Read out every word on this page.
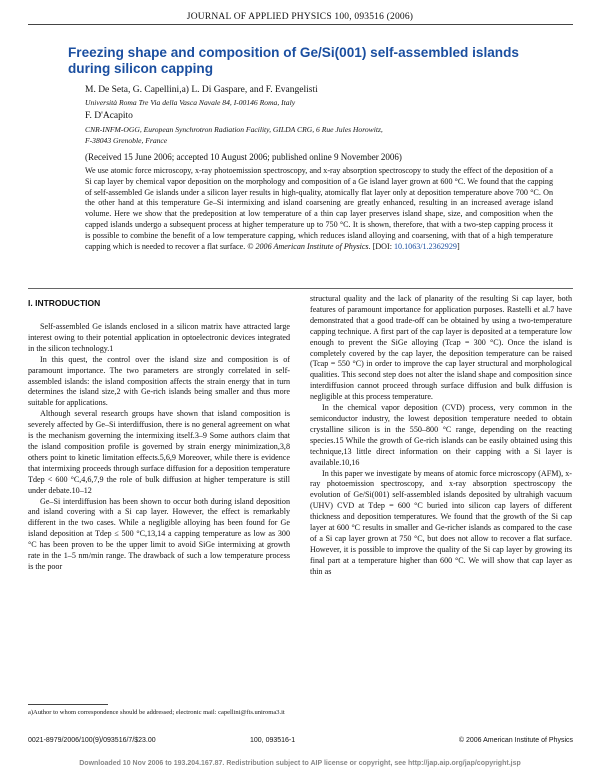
JOURNAL OF APPLIED PHYSICS 100, 093516 (2006)
Freezing shape and composition of Ge/Si(001) self-assembled islands during silicon capping
M. De Seta, G. Capellini,a) L. Di Gaspare, and F. Evangelisti
Università Roma Tre Via della Vasca Navale 84, I-00146 Roma, Italy
F. D'Acapito
CNR-INFM-OGG, European Synchrotron Radiation Facility, GILDA CRG, 6 Rue Jules Horowitz,
F-38043 Grenoble, France
(Received 15 June 2006; accepted 10 August 2006; published online 9 November 2006)
We use atomic force microscopy, x-ray photoemission spectroscopy, and x-ray absorption spectroscopy to study the effect of the deposition of a Si cap layer by chemical vapor deposition on the morphology and composition of a Ge island layer grown at 600 °C. We found that the capping of self-assembled Ge islands under a silicon layer results in high-quality, atomically flat layer only at deposition temperature above 700 °C. On the other hand at this temperature Ge–Si intermixing and island coarsening are greatly enhanced, resulting in an increased average island volume. Here we show that the predeposition at low temperature of a thin cap layer preserves island shape, size, and composition when the capped islands undergo a subsequent process at higher temperature up to 750 °C. It is shown, therefore, that with a two-step capping process it is possible to combine the benefit of a low temperature capping, which reduces island alloying and coarsening, with that of a high temperature capping which is needed to recover a flat surface. © 2006 American Institute of Physics. [DOI: 10.1063/1.2362929]
I. INTRODUCTION

Self-assembled Ge islands enclosed in a silicon matrix have attracted large interest owing to their potential application in optoelectronic devices integrated in the silicon technology.1

In this quest, the control over the island size and composition is of paramount importance. The two parameters are strongly correlated in self-assembled islands: the island composition affects the strain energy that in turn determines the island size,2 with Ge-rich islands being smaller and thus more suitable for applications.

Although several research groups have shown that island composition is severely affected by Ge–Si interdiffusion, there is no general agreement on what is the mechanism governing the intermixing itself.3–9 Some authors claim that the island composition profile is governed by strain energy minimization,3,8 others point to kinetic limitation effects.5,6,9 Moreover, while there is evidence that intermixing proceeds through surface diffusion for a deposition temperature Tdep < 600 °C,4,6,7,9 the role of bulk diffusion at higher temperature is still under debate.10–12

Ge–Si interdiffusion has been shown to occur both during island deposition and island covering with a Si cap layer. However, the effect is remarkably different in the two cases. While a negligible alloying has been found for Ge island deposition at Tdep ≤ 500 °C,13,14 a capping temperature as low as 300 °C has been proven to be the upper limit to avoid SiGe intermixing at growth rate in the 1–5 nm/min range. The drawback of such a low temperature process is the poor

structural quality and the lack of planarity of the resulting Si cap layer, both features of paramount importance for application purposes. Rastelli et al.7 have demonstrated that a good trade-off can be obtained by using a two-temperature capping technique. A first part of the cap layer is deposited at a temperature low enough to prevent the SiGe alloying (Tcap = 300 °C). Once the island is completely covered by the cap layer, the deposition temperature can be raised (Tcap = 550 °C) in order to improve the cap layer structural and morphological qualities. This second step does not alter the island shape and composition since interdiffusion cannot proceed through surface diffusion and bulk diffusion is negligible at this process temperature.

In the chemical vapor deposition (CVD) process, very common in the semiconductor industry, the lowest deposition temperature needed to obtain crystalline silicon is in the 550–800 °C range, depending on the reacting species.15 While the growth of Ge-rich islands can be easily obtained using this technique,13 little direct information on their capping with a Si layer is available.10,16

In this paper we investigate by means of atomic force microscopy (AFM), x-ray photoemission spectroscopy, and x-ray absorption spectroscopy the evolution of Ge/Si(001) self-assembled islands deposited by ultrahigh vacuum (UHV) CVD at Tdep = 600 °C buried into silicon cap layers of different thickness and deposition temperatures. We found that the growth of the Si cap layer at 600 °C results in smaller and Ge-richer islands as compared to the case of a Si cap layer grown at 750 °C, but does not allow to recover a flat surface. However, it is possible to improve the quality of the Si cap layer by growing its final part at a temperature higher than 600 °C. We will show that cap layer as thin as

a)Author to whom correspondence should be addressed; electronic mail: capellini@fis.uniroma3.it
0021-8979/2006/100(9)/093516/7/$23.00	100, 093516-1	© 2006 American Institute of Physics
Downloaded 10 Nov 2006 to 193.204.167.87. Redistribution subject to AIP license or copyright, see http://jap.aip.org/jap/copyright.jsp
